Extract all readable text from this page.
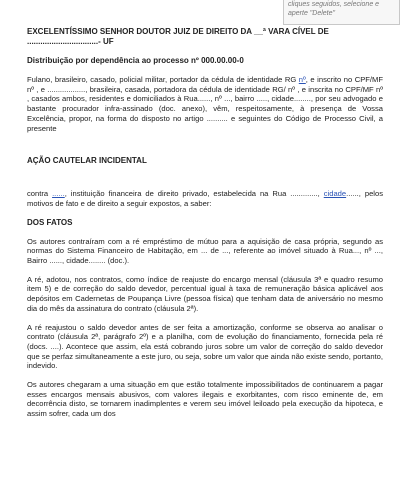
cliques seguidos, selecione e aperte "Delete"

EXCELENTÍSSIMO SENHOR DOUTOR JUIZ DE DIREITO DA __ª VARA CÍVEL DE

................................- UF

Distribuição por dependência ao processo nº 000.00.00-0

Fulano, brasileiro, casado, policial militar, portador da cédula de identidade RG nº, e inscrito no CPF/MF nº , e .................., brasileira, casada, portadora da cédula de identidade RG/ nº , e inscrita no CPF/MF nº , casados ambos, residentes e domiciliados à Rua......, nº ..., bairro ....., cidade........, por seu advogado e bastante procurador infra-assinado (doc. anexo), vêm, respeitosamente, à presença de Vossa Excelência, propor, na forma do disposto no artigo .......... e seguintes do Código de Processo Civil, a presente

AÇÃO CAUTELAR INCIDENTAL

contra ......, instituição financeira de direito privado, estabelecida na Rua ............., cidade......, pelos motivos de fato e de direito a seguir expostos, a saber:

DOS FATOS

Os autores contraíram com a ré empréstimo de mútuo para a aquisição de casa própria, segundo as normas do Sistema Financeiro de Habitação, em ... de ..., referente ao imóvel situado à Rua..., nº ..., Bairro ......, cidade........ (doc.).

A ré, adotou, nos contratos, como índice de reajuste do encargo mensal (cláusula 3ª e quadro resumo item 5) e de correção do saldo devedor, percentual igual à taxa de remuneração básica aplicável aos depósitos em Cadernetas de Poupança Livre (pessoa física) que tenham data de aniversário no mesmo dia do mês da assinatura do contrato (cláusula 2ª).

A ré reajustou o saldo devedor antes de ser feita a amortização, conforme se observa ao analisar o contrato (cláusula 2ª, parágrafo 2º) e a planilha, com de evolução do financiamento, fornecida pela ré (docs. ....). Acontece que assim, ela está cobrando juros sobre um valor de correção do saldo devedor que se perfaz simultaneamente a este juro, ou seja, sobre um valor que ainda não existe sendo, portanto, indevido.

Os autores chegaram a uma situação em que estão totalmente impossibilitados de continuarem a pagar esses encargos mensais abusivos, com valores ilegais e exorbitantes, com risco eminente de, em decorrência disto, se tornarem inadimplentes e verem seu imóvel leiloado pela execução da hipoteca, e assim sofrer, cada um dos
